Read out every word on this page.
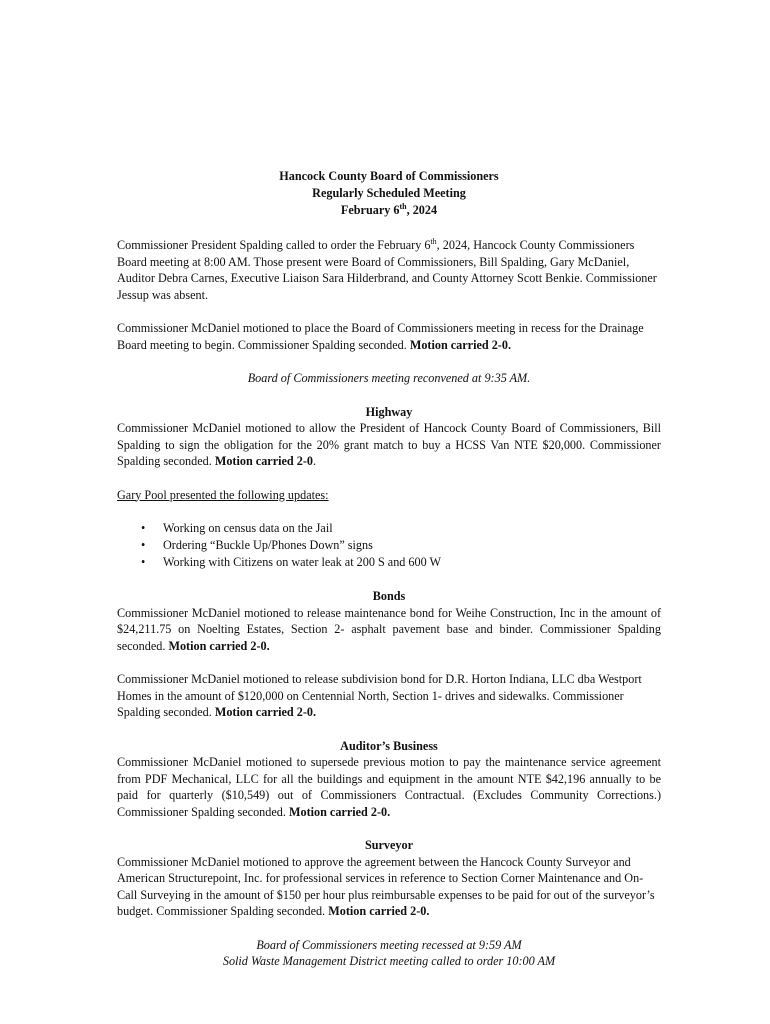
Hancock County Board of Commissioners
Regularly Scheduled Meeting
February 6th, 2024

Commissioner President Spalding called to order the February 6th, 2024, Hancock County Commissioners Board meeting at 8:00 AM. Those present were Board of Commissioners, Bill Spalding, Gary McDaniel, Auditor Debra Carnes, Executive Liaison Sara Hilderbrand, and County Attorney Scott Benkie. Commissioner Jessup was absent.

Commissioner McDaniel motioned to place the Board of Commissioners meeting in recess for the Drainage Board meeting to begin. Commissioner Spalding seconded. Motion carried 2-0.

Board of Commissioners meeting reconvened at 9:35 AM.

Highway

Commissioner McDaniel motioned to allow the President of Hancock County Board of Commissioners, Bill Spalding to sign the obligation for the 20% grant match to buy a HCSS Van NTE $20,000. Commissioner Spalding seconded. Motion carried 2-0.

Gary Pool presented the following updates:

• Working on census data on the Jail
• Ordering “Buckle Up/Phones Down” signs
• Working with Citizens on water leak at 200 S and 600 W

Bonds

Commissioner McDaniel motioned to release maintenance bond for Weihe Construction, Inc in the amount of $24,211.75 on Noelting Estates, Section 2- asphalt pavement base and binder. Commissioner Spalding seconded. Motion carried 2-0.

Commissioner McDaniel motioned to release subdivision bond for D.R. Horton Indiana, LLC dba Westport Homes in the amount of $120,000 on Centennial North, Section 1- drives and sidewalks. Commissioner Spalding seconded. Motion carried 2-0.

Auditor’s Business

Commissioner McDaniel motioned to supersede previous motion to pay the maintenance service agreement from PDF Mechanical, LLC for all the buildings and equipment in the amount NTE $42,196 annually to be paid for quarterly ($10,549) out of Commissioners Contractual. (Excludes Community Corrections.) Commissioner Spalding seconded. Motion carried 2-0.

Surveyor

Commissioner McDaniel motioned to approve the agreement between the Hancock County Surveyor and American Structurepoint, Inc. for professional services in reference to Section Corner Maintenance and On-Call Surveying in the amount of $150 per hour plus reimbursable expenses to be paid for out of the surveyor’s budget. Commissioner Spalding seconded. Motion carried 2-0.

Board of Commissioners meeting recessed at 9:59 AM
Solid Waste Management District meeting called to order 10:00 AM
